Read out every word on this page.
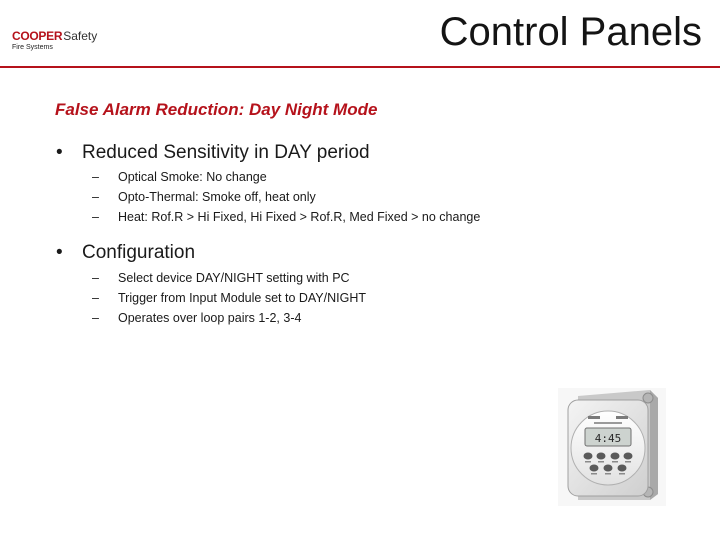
COOPER Safety
Fire Systems	Control Panels
False Alarm Reduction: Day Night Mode
• Reduced Sensitivity in DAY period
– Optical Smoke: No change
– Opto-Thermal: Smoke off, heat only
– Heat: Rof.R > Hi Fixed, Hi Fixed > Rof.R, Med Fixed > no change
• Configuration
– Select device DAY/NIGHT setting with PC
– Trigger from Input Module set to DAY/NIGHT
– Operates over loop pairs 1-2, 3-4
4:45
